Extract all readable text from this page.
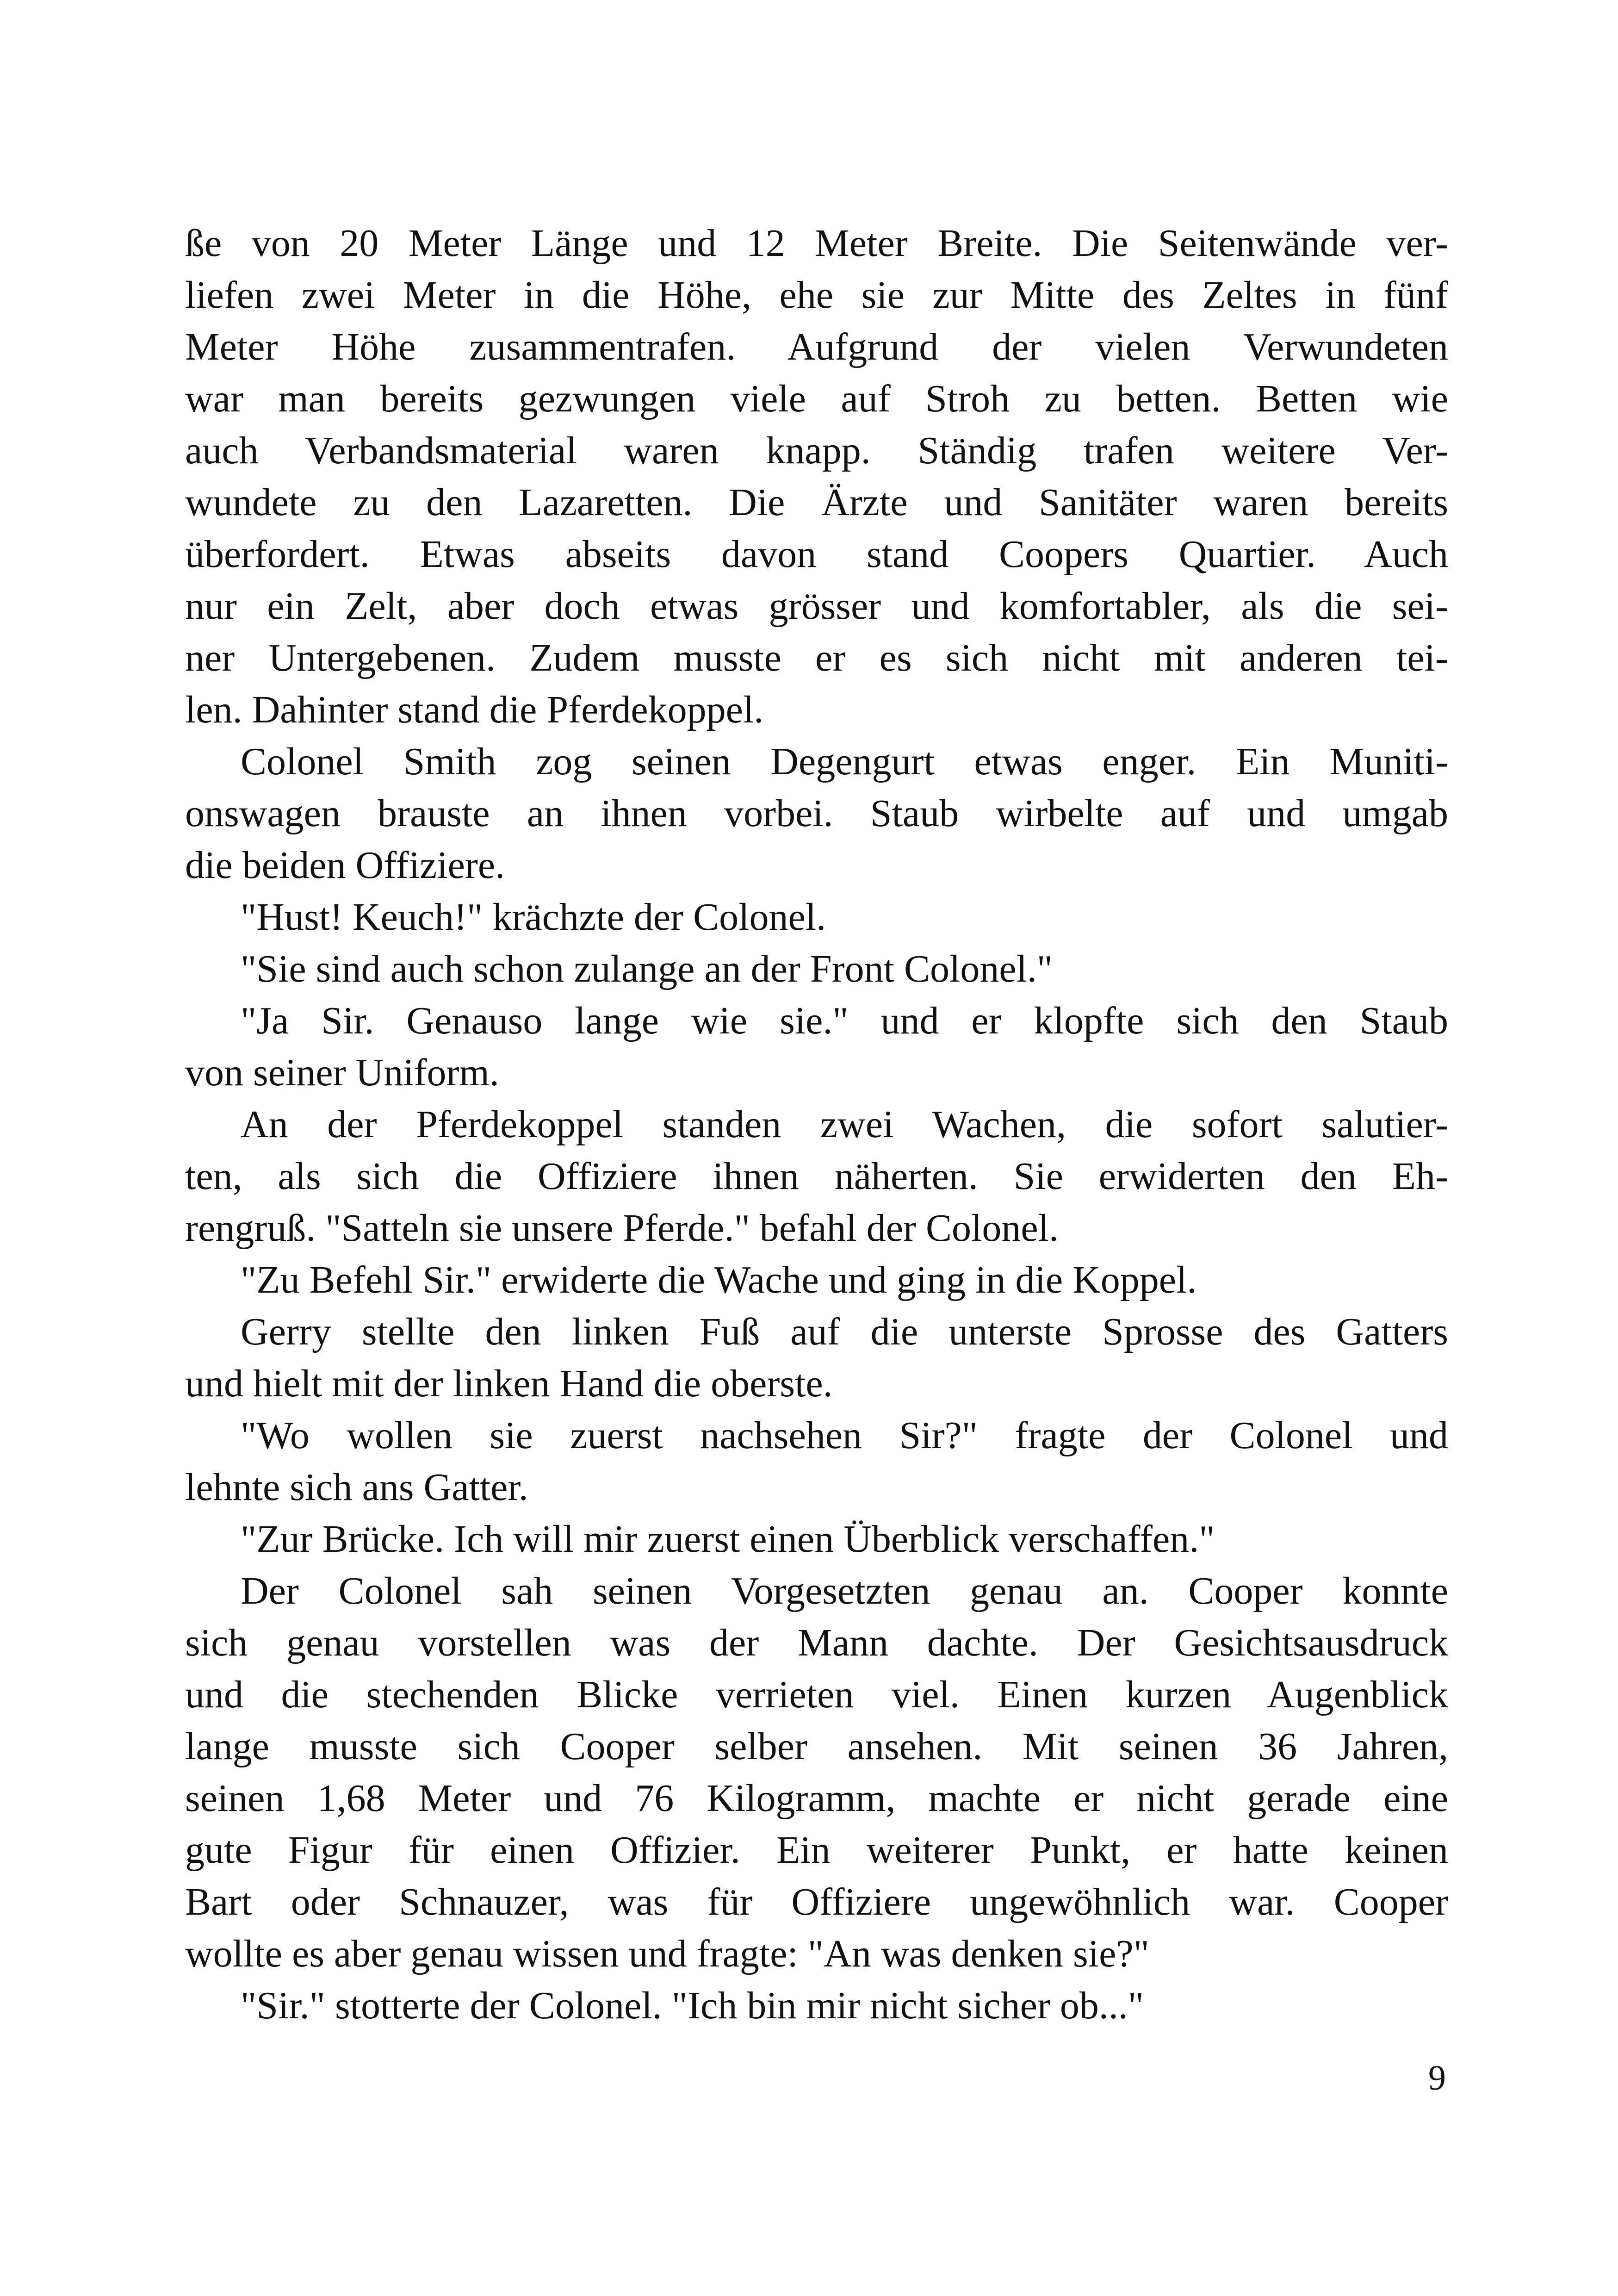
ße von 20 Meter Länge und 12 Meter Breite. Die Seitenwände ver-
liefen zwei Meter in die Höhe, ehe sie zur Mitte des Zeltes in fünf
Meter Höhe zusammentrafen. Aufgrund der vielen Verwundeten
war man bereits gezwungen viele auf Stroh zu betten. Betten wie
auch Verbandsmaterial waren knapp. Ständig trafen weitere Ver-
wundete zu den Lazaretten. Die Ärzte und Sanitäter waren bereits
überfordert. Etwas abseits davon stand Coopers Quartier. Auch
nur ein Zelt, aber doch etwas grösser und komfortabler, als die sei-
ner Untergebenen. Zudem musste er es sich nicht mit anderen tei-
len. Dahinter stand die Pferdekoppel.
Colonel Smith zog seinen Degengurt etwas enger. Ein Muniti-
onswagen brauste an ihnen vorbei. Staub wirbelte auf und umgab
die beiden Offiziere.
"Hust! Keuch!" krächzte der Colonel.
"Sie sind auch schon zulange an der Front Colonel."
"Ja Sir. Genauso lange wie sie." und er klopfte sich den Staub
von seiner Uniform.
An der Pferdekoppel standen zwei Wachen, die sofort salutier-
ten, als sich die Offiziere ihnen näherten. Sie erwiderten den Eh-
rengruß. "Satteln sie unsere Pferde." befahl der Colonel.
"Zu Befehl Sir." erwiderte die Wache und ging in die Koppel.
Gerry stellte den linken Fuß auf die unterste Sprosse des Gatters
und hielt mit der linken Hand die oberste.
"Wo wollen sie zuerst nachsehen Sir?" fragte der Colonel und
lehnte sich ans Gatter.
"Zur Brücke. Ich will mir zuerst einen Überblick verschaffen."
Der Colonel sah seinen Vorgesetzten genau an. Cooper konnte
sich genau vorstellen was der Mann dachte. Der Gesichtsausdruck
und die stechenden Blicke verrieten viel. Einen kurzen Augenblick
lange musste sich Cooper selber ansehen. Mit seinen 36 Jahren,
seinen 1,68 Meter und 76 Kilogramm, machte er nicht gerade eine
gute Figur für einen Offizier. Ein weiterer Punkt, er hatte keinen
Bart oder Schnauzer, was für Offiziere ungewöhnlich war. Cooper
wollte es aber genau wissen und fragte: "An was denken sie?"
"Sir." stotterte der Colonel. "Ich bin mir nicht sicher ob..."
9
